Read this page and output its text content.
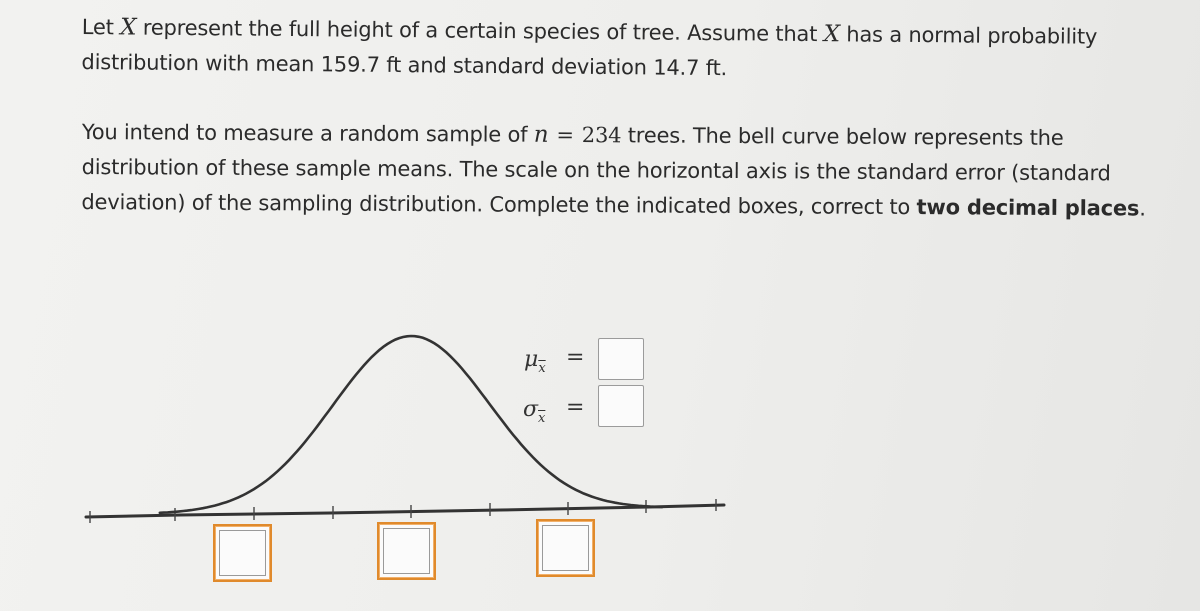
Let X represent the full height of a certain species of tree. Assume that X has a normal probability distribution with mean 159.7 ft and standard deviation 14.7 ft.
You intend to measure a random sample of n = 234 trees. The bell curve below represents the distribution of these sample means. The scale on the horizontal axis is the standard error (standard deviation) of the sampling distribution. Complete the indicated boxes, correct to two decimal places.
$\mu_{\overline{x}}$ =
$\sigma_{\overline{x}}$ =
